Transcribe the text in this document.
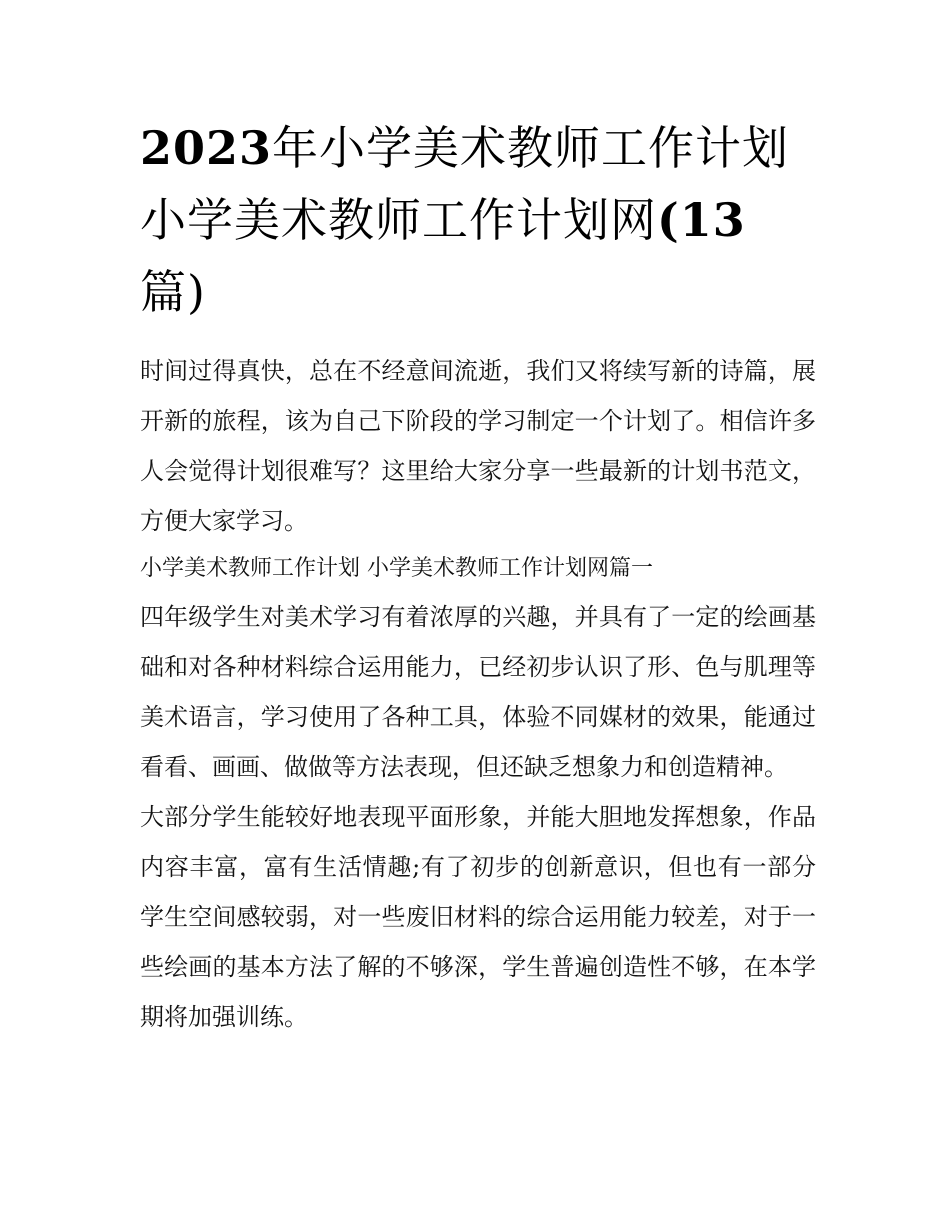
2023年小学美术教师工作计划小学美术教师工作计划网(13
篇)

时间过得真快，总在不经意间流逝，我们又将续写新的诗篇，展开新的旅程，该为自己下阶段的学习制定一个计划了。相信许多人会觉得计划很难写？这里给大家分享一些最新的计划书范文，方便大家学习。

小学美术教师工作计划 小学美术教师工作计划网篇一

四年级学生对美术学习有着浓厚的兴趣，并具有了一定的绘画基础和对各种材料综合运用能力，已经初步认识了形、色与肌理等美术语言，学习使用了各种工具，体验不同媒材的效果，能通过看看、画画、做做等方法表现，但还缺乏想象力和创造精神。

大部分学生能较好地表现平面形象，并能大胆地发挥想象，作品内容丰富，富有生活情趣;有了初步的创新意识，但也有一部分学生空间感较弱，对一些废旧材料的综合运用能力较差，对于一些绘画的基本方法了解的不够深，学生普遍创造性不够，在本学期将加强训练。
